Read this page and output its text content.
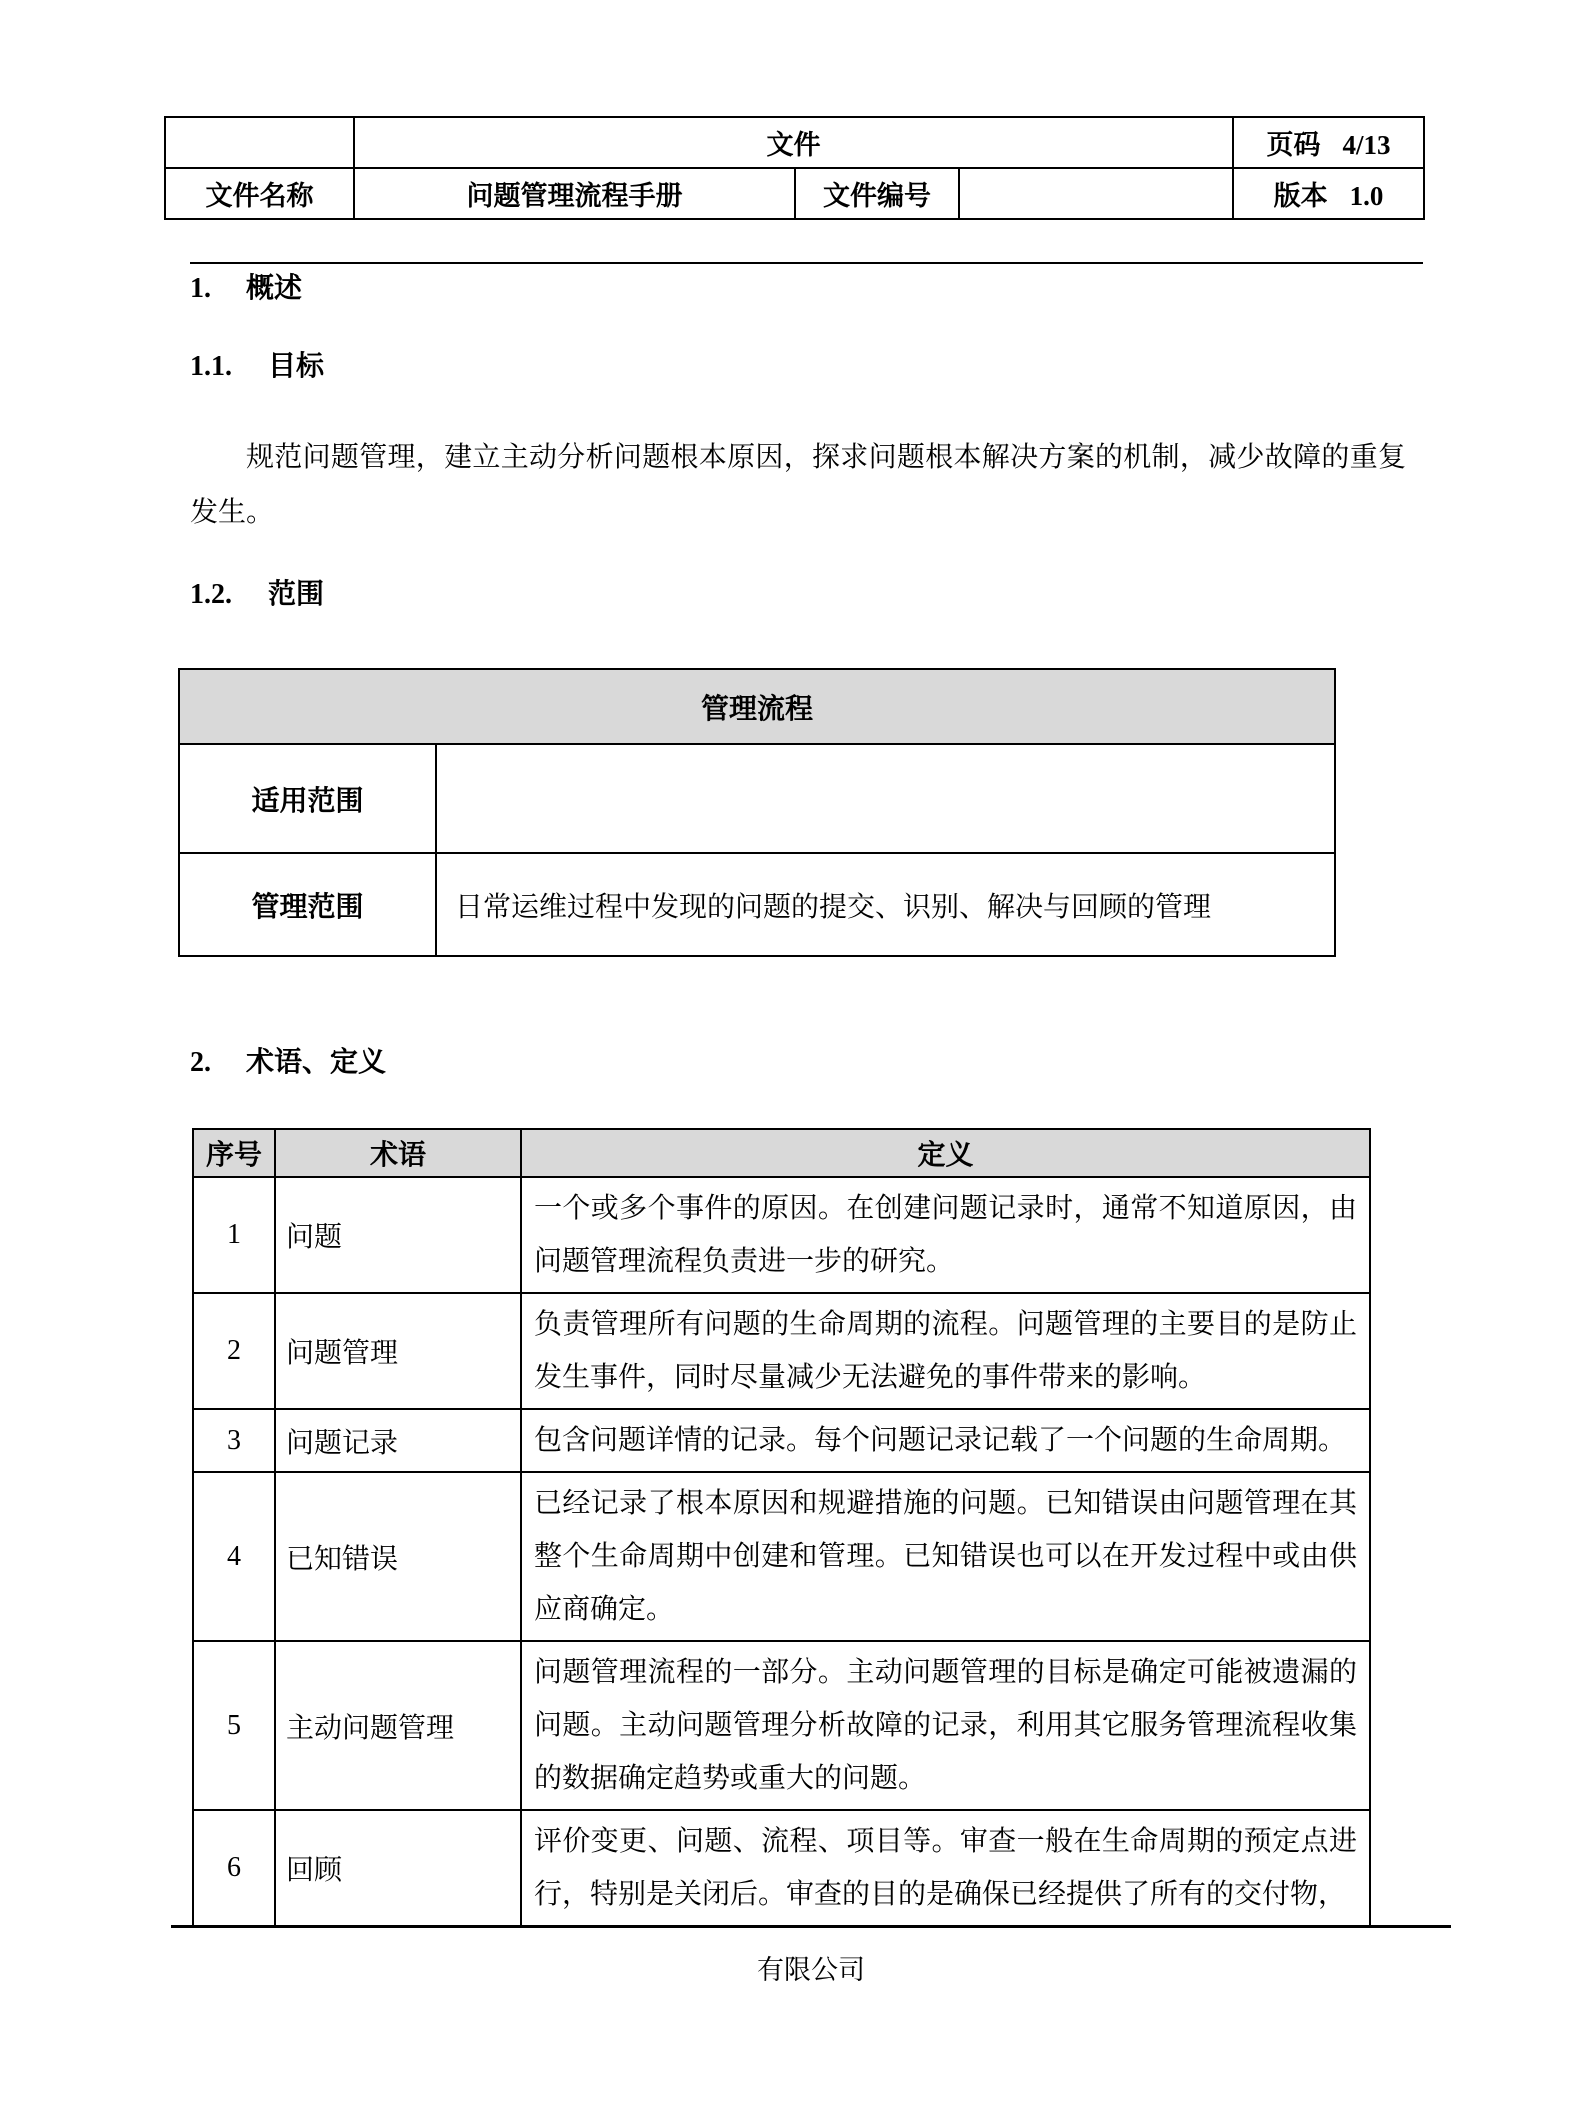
	文件			页码 4/13

文件名称	问题管理流程手册	文件编号		版本 1.0
1. 概述
1.1. 目标

规范问题管理，建立主动分析问题根本原因，探求问题根本解决方案的机制，减少故障的重复发生。

1.2. 范围
管理流程	
适用范围	
管理范围	日常运维过程中发现的问题的提交、识别、解决与回顾的管理
2. 术语、定义
序号	术语	定义
1	问题	一个或多个事件的原因。在创建问题记录时，通常不知道原因，由问题管理流程负责进一步的研究。
2	问题管理	负责管理所有问题的生命周期的流程。问题管理的主要目的是防止发生事件，同时尽量减少无法避免的事件带来的影响。
3	问题记录	包含问题详情的记录。每个问题记录记载了一个问题的生命周期。
4	已知错误	已经记录了根本原因和规避措施的问题。已知错误由问题管理在其整个生命周期中创建和管理。已知错误也可以在开发过程中或由供应商确定。
5	主动问题管理	问题管理流程的一部分。主动问题管理的目标是确定可能被遗漏的问题。主动问题管理分析故障的记录，利用其它服务管理流程收集的数据确定趋势或重大的问题。
6	回顾	评价变更、问题、流程、项目等。审查一般在生命周期的预定点进行，特别是关闭后。审查的目的是确保已经提供了所有的交付物，
有限公司
